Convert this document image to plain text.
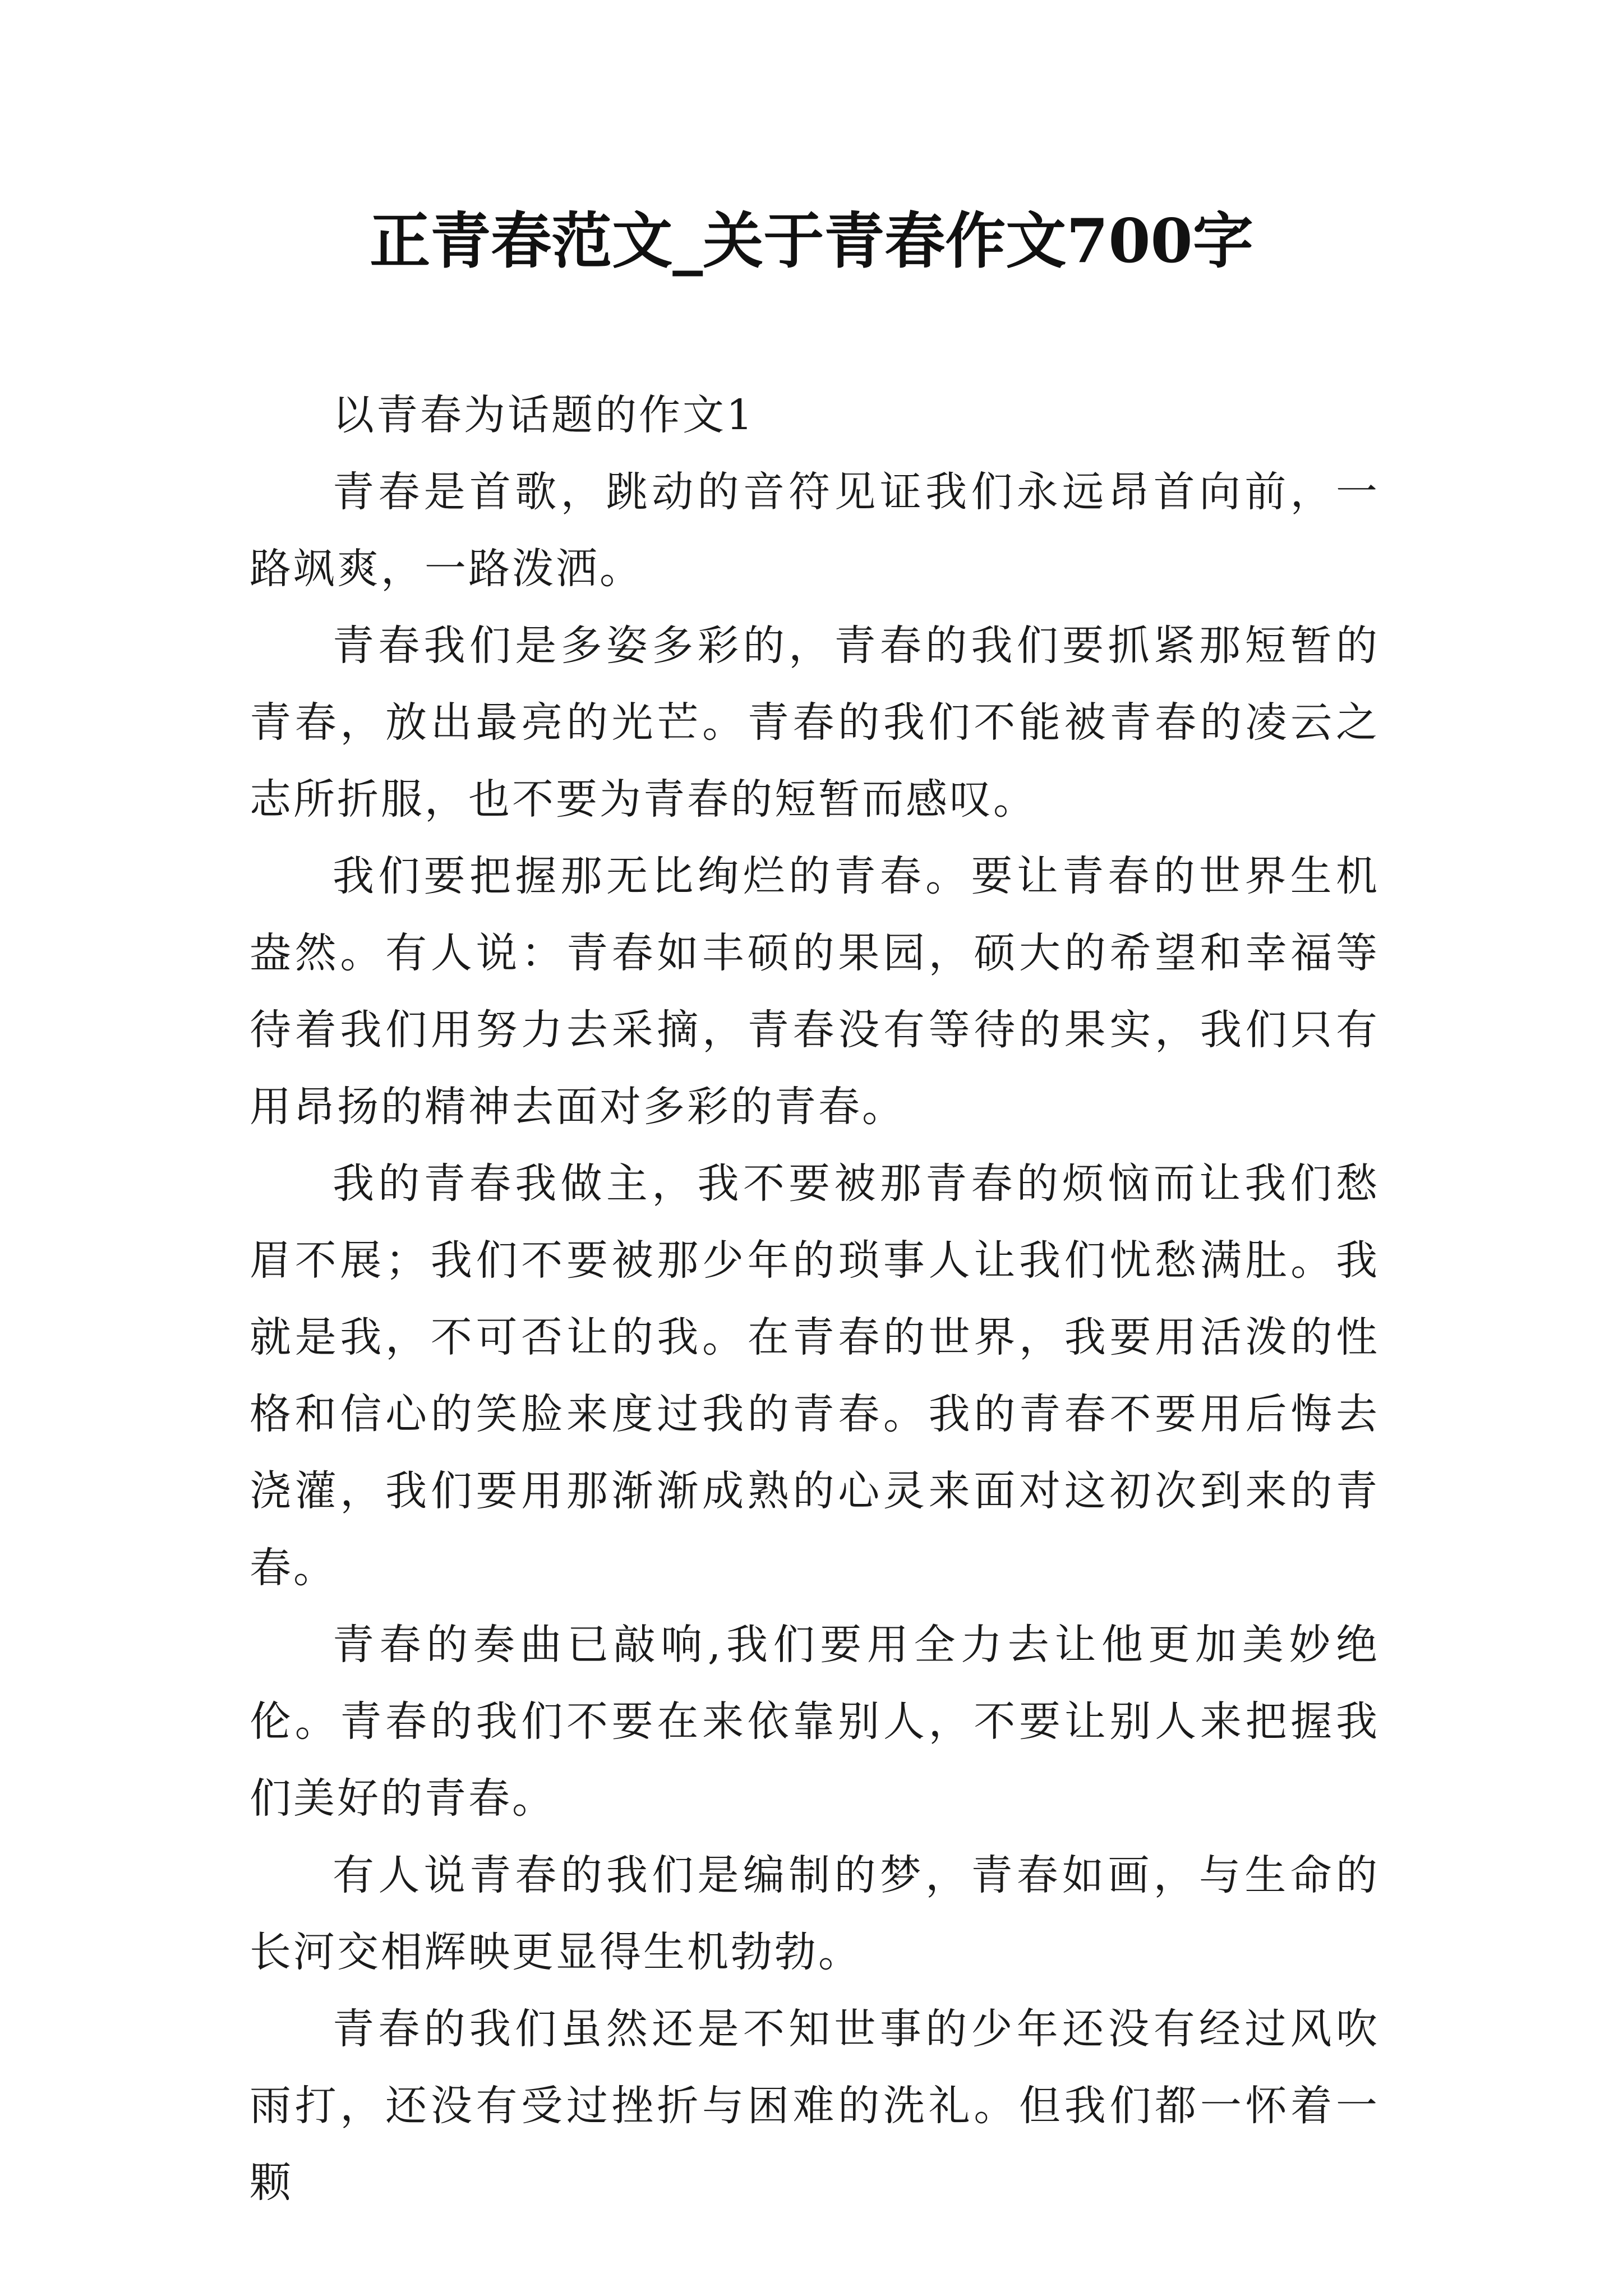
正青春范文_关于青春作文700字

以青春为话题的作文1

青春是首歌，跳动的音符见证我们永远昂首向前，一路飒爽，一路泼洒。

青春我们是多姿多彩的，青春的我们要抓紧那短暂的青春，放出最亮的光芒。青春的我们不能被青春的凌云之志所折服，也不要为青春的短暂而感叹。

我们要把握那无比绚烂的青春。要让青春的世界生机盎然。有人说：青春如丰硕的果园，硕大的希望和幸福等待着我们用努力去采摘，青春没有等待的果实，我们只有用昂扬的精神去面对多彩的青春。

我的青春我做主，我不要被那青春的烦恼而让我们愁眉不展；我们不要被那少年的琐事人让我们忧愁满肚。我就是我，不可否让的我。在青春的世界，我要用活泼的性格和信心的笑脸来度过我的青春。我的青春不要用后悔去浇灌，我们要用那渐渐成熟的心灵来面对这初次到来的青春。

青春的奏曲已敲响,我们要用全力去让他更加美妙绝伦。青春的我们不要在来依靠别人，不要让别人来把握我们美好的青春。

有人说青春的我们是编制的梦，青春如画，与生命的长河交相辉映更显得生机勃勃。

青春的我们虽然还是不知世事的少年还没有经过风吹雨打，还没有受过挫折与困难的洗礼。但我们都一怀着一颗
